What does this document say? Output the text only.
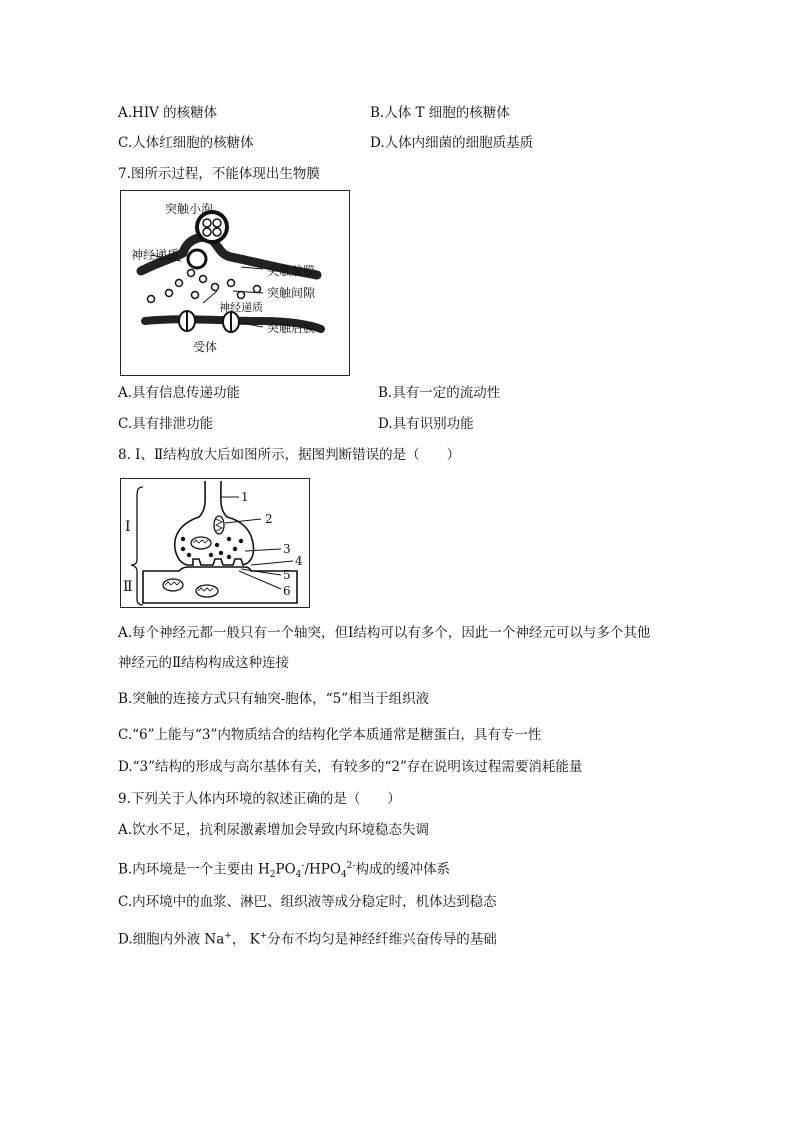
A.HIV 的核糖体	B.人体 T 细胞的核糖体
C.人体红细胞的核糖体	D.人体内细菌的细胞质基质
7.图所示过程，不能体现出生物膜
突触小泡
神经递质
突触前膜
突触间隙
神经递质
突触后膜
受体
A.具有信息传递功能	B.具有一定的流动性
C.具有排泄功能	D.具有识别功能
8. Ⅰ、Ⅱ结构放大后如图所示，据图判断错误的是（　　）
Ⅰ
Ⅱ
1
2
3
4
5
6
A.每个神经元都一般只有一个轴突，但Ⅰ结构可以有多个，因此一个神经元可以与多个其他
神经元的Ⅱ结构构成这种连接
B.突触的连接方式只有轴突-胞体，“5”相当于组织液
C.“6”上能与“3”内物质结合的结构化学本质通常是糖蛋白，具有专一性
D.“3”结构的形成与高尔基体有关，有较多的“2”存在说明该过程需要消耗能量
9.下列关于人体内环境的叙述正确的是（　　）
A.饮水不足，抗利尿激素增加会导致内环境稳态失调
B.内环境是一个主要由 $H_2PO_4^-/HPO_4^{2-}$构成的缓冲体系
C.内环境中的血浆、淋巴、组织液等成分稳定时，机体达到稳态
D.细胞内外液 Na+， K+分布不均匀是神经纤维兴奋传导的基础
